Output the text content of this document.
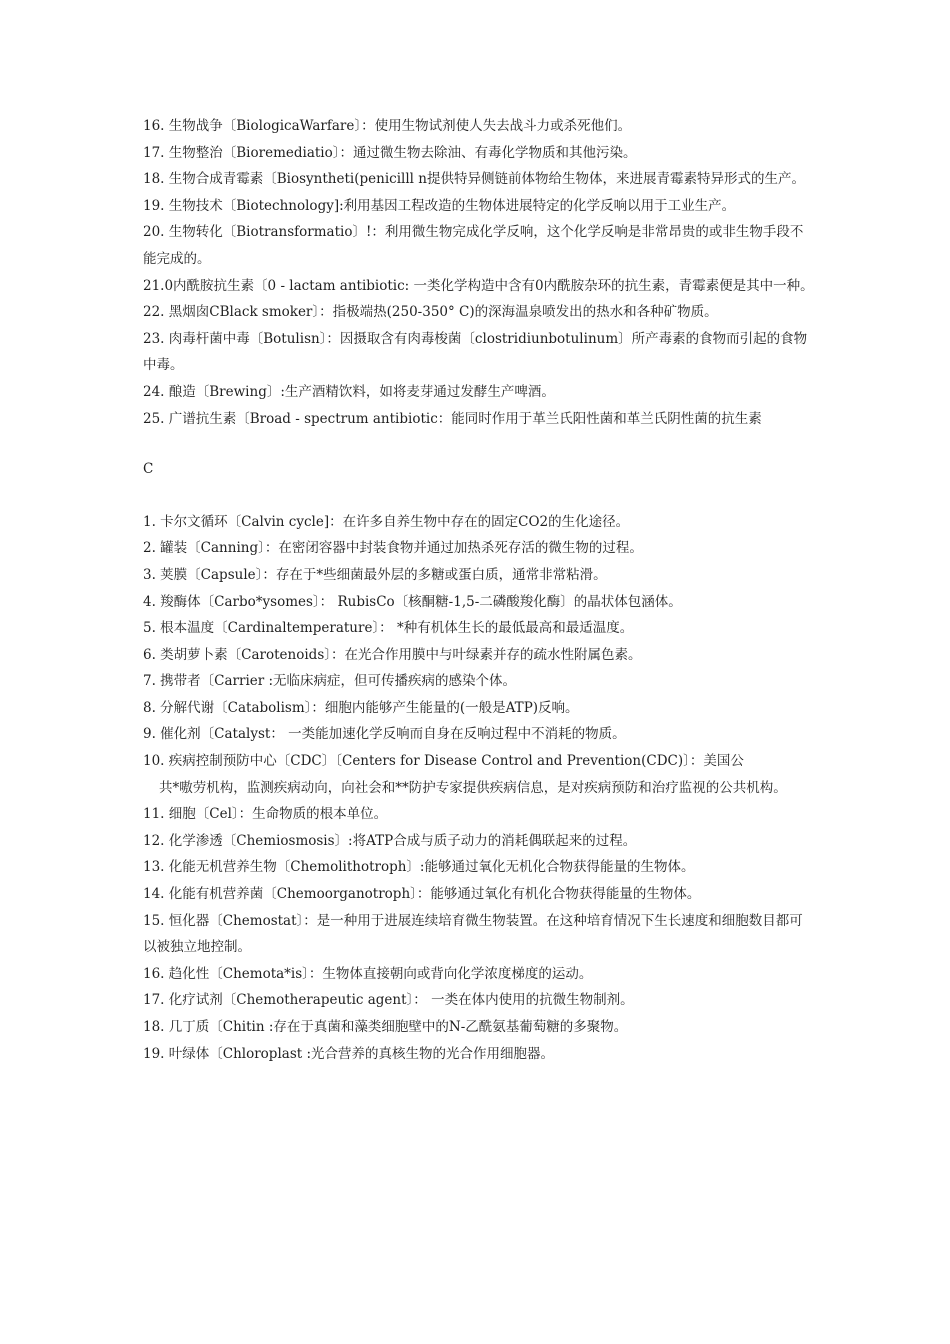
16. 生物战争〔BiologicaWarfare〕：使用生物试剂使人失去战斗力或杀死他们。

17. 生物整治〔Bioremediatio〕：通过微生物去除油、有毒化学物质和其他污染。

18. 生物合成青霉素〔Biosyntheti(penicilll n提供特异侧链前体物给生物体，来进展青霉素特异形式的生产。

19. 生物技术〔Biotechnology]:利用基因工程改造的生物体进展特定的化学反响以用于工业生产。

20. 生物转化〔Biotransformatio〕!：利用微生物完成化学反响，这个化学反响是非常昂贵的或非生物手段不能完成的。

21.0内酰胺抗生素〔0 - lactam antibiotic: 一类化学构造中含有0内酰胺杂环的抗生素，青霉素便是其中一种。

22. 黑烟囱CBlack smoker〕：指极端热(250-350° C)的深海温泉喷发出的热水和各种矿物质。

23. 肉毒杆菌中毒〔Botulisn〕：因摄取含有肉毒梭菌〔clostridiunbotulinum〕所产毒素的食物而引起的食物中毒。

24. 酿造〔Brewing〕:生产酒精饮料，如将麦芽通过发酵生产啤酒。

25. 广谱抗生素〔Broad - spectrum antibiotic：能同时作用于革兰氏阳性菌和革兰氏阴性菌的抗生素

C

1. 卡尔文循环〔Calvin cycle]：在许多自养生物中存在的固定CO2的生化途径。

2. 罐装〔Canning〕：在密闭容器中封装食物并通过加热杀死存活的微生物的过程。

3. 荚膜〔Capsule〕：存在于*些细菌最外层的多糖或蛋白质，通常非常粘滑。

4. 羧酶体〔Carbo*ysomes〕： RubisCo〔核酮糖-1,5-二磷酸羧化酶〕的晶状体包涵体。

5. 根本温度〔Cardinaltemperature〕： *种有机体生长的最低最高和最适温度。

6. 类胡萝卜素〔Carotenoids〕：在光合作用膜中与叶绿素并存的疏水性附属色素。

7. 携带者〔Carrier :无临床病症，但可传播疾病的感染个体。

8. 分解代谢〔Catabolism〕：细胞内能够产生能量的(一般是ATP)反响。

9. 催化剂〔Catalyst： 一类能加速化学反响而自身在反响过程中不消耗的物质。

10. 疾病控制预防中心〔CDC〕〔Centers for Disease Control and Prevention(CDC)〕：美国公

共*嗷劳机构，监测疾病动向，向社会和**防护专家提供疾病信息，是对疾病预防和治疗监视的公共机构。

11. 细胞〔Cel〕：生命物质的根本单位。

12. 化学渗透〔Chemiosmosis〕:将ATP合成与质子动力的消耗偶联起来的过程。

13. 化能无机营养生物〔Chemolithotroph〕:能够通过氧化无机化合物获得能量的生物体。

14. 化能有机营养菌〔Chemoorganotroph〕：能够通过氧化有机化合物获得能量的生物体。

15. 恒化器〔Chemostat〕：是一种用于进展连续培育微生物装置。在这种培育情况下生长速度和细胞数目都可以被独立地控制。

16. 趋化性〔Chemota*is〕：生物体直接朝向或背向化学浓度梯度的运动。

17. 化疗试剂〔Chemotherapeutic agent〕： 一类在体内使用的抗微生物制剂。

18. 几丁质〔Chitin :存在于真菌和藻类细胞壁中的N-乙酰氨基葡萄糖的多聚物。

19. 叶绿体〔Chloroplast :光合营养的真核生物的光合作用细胞器。
